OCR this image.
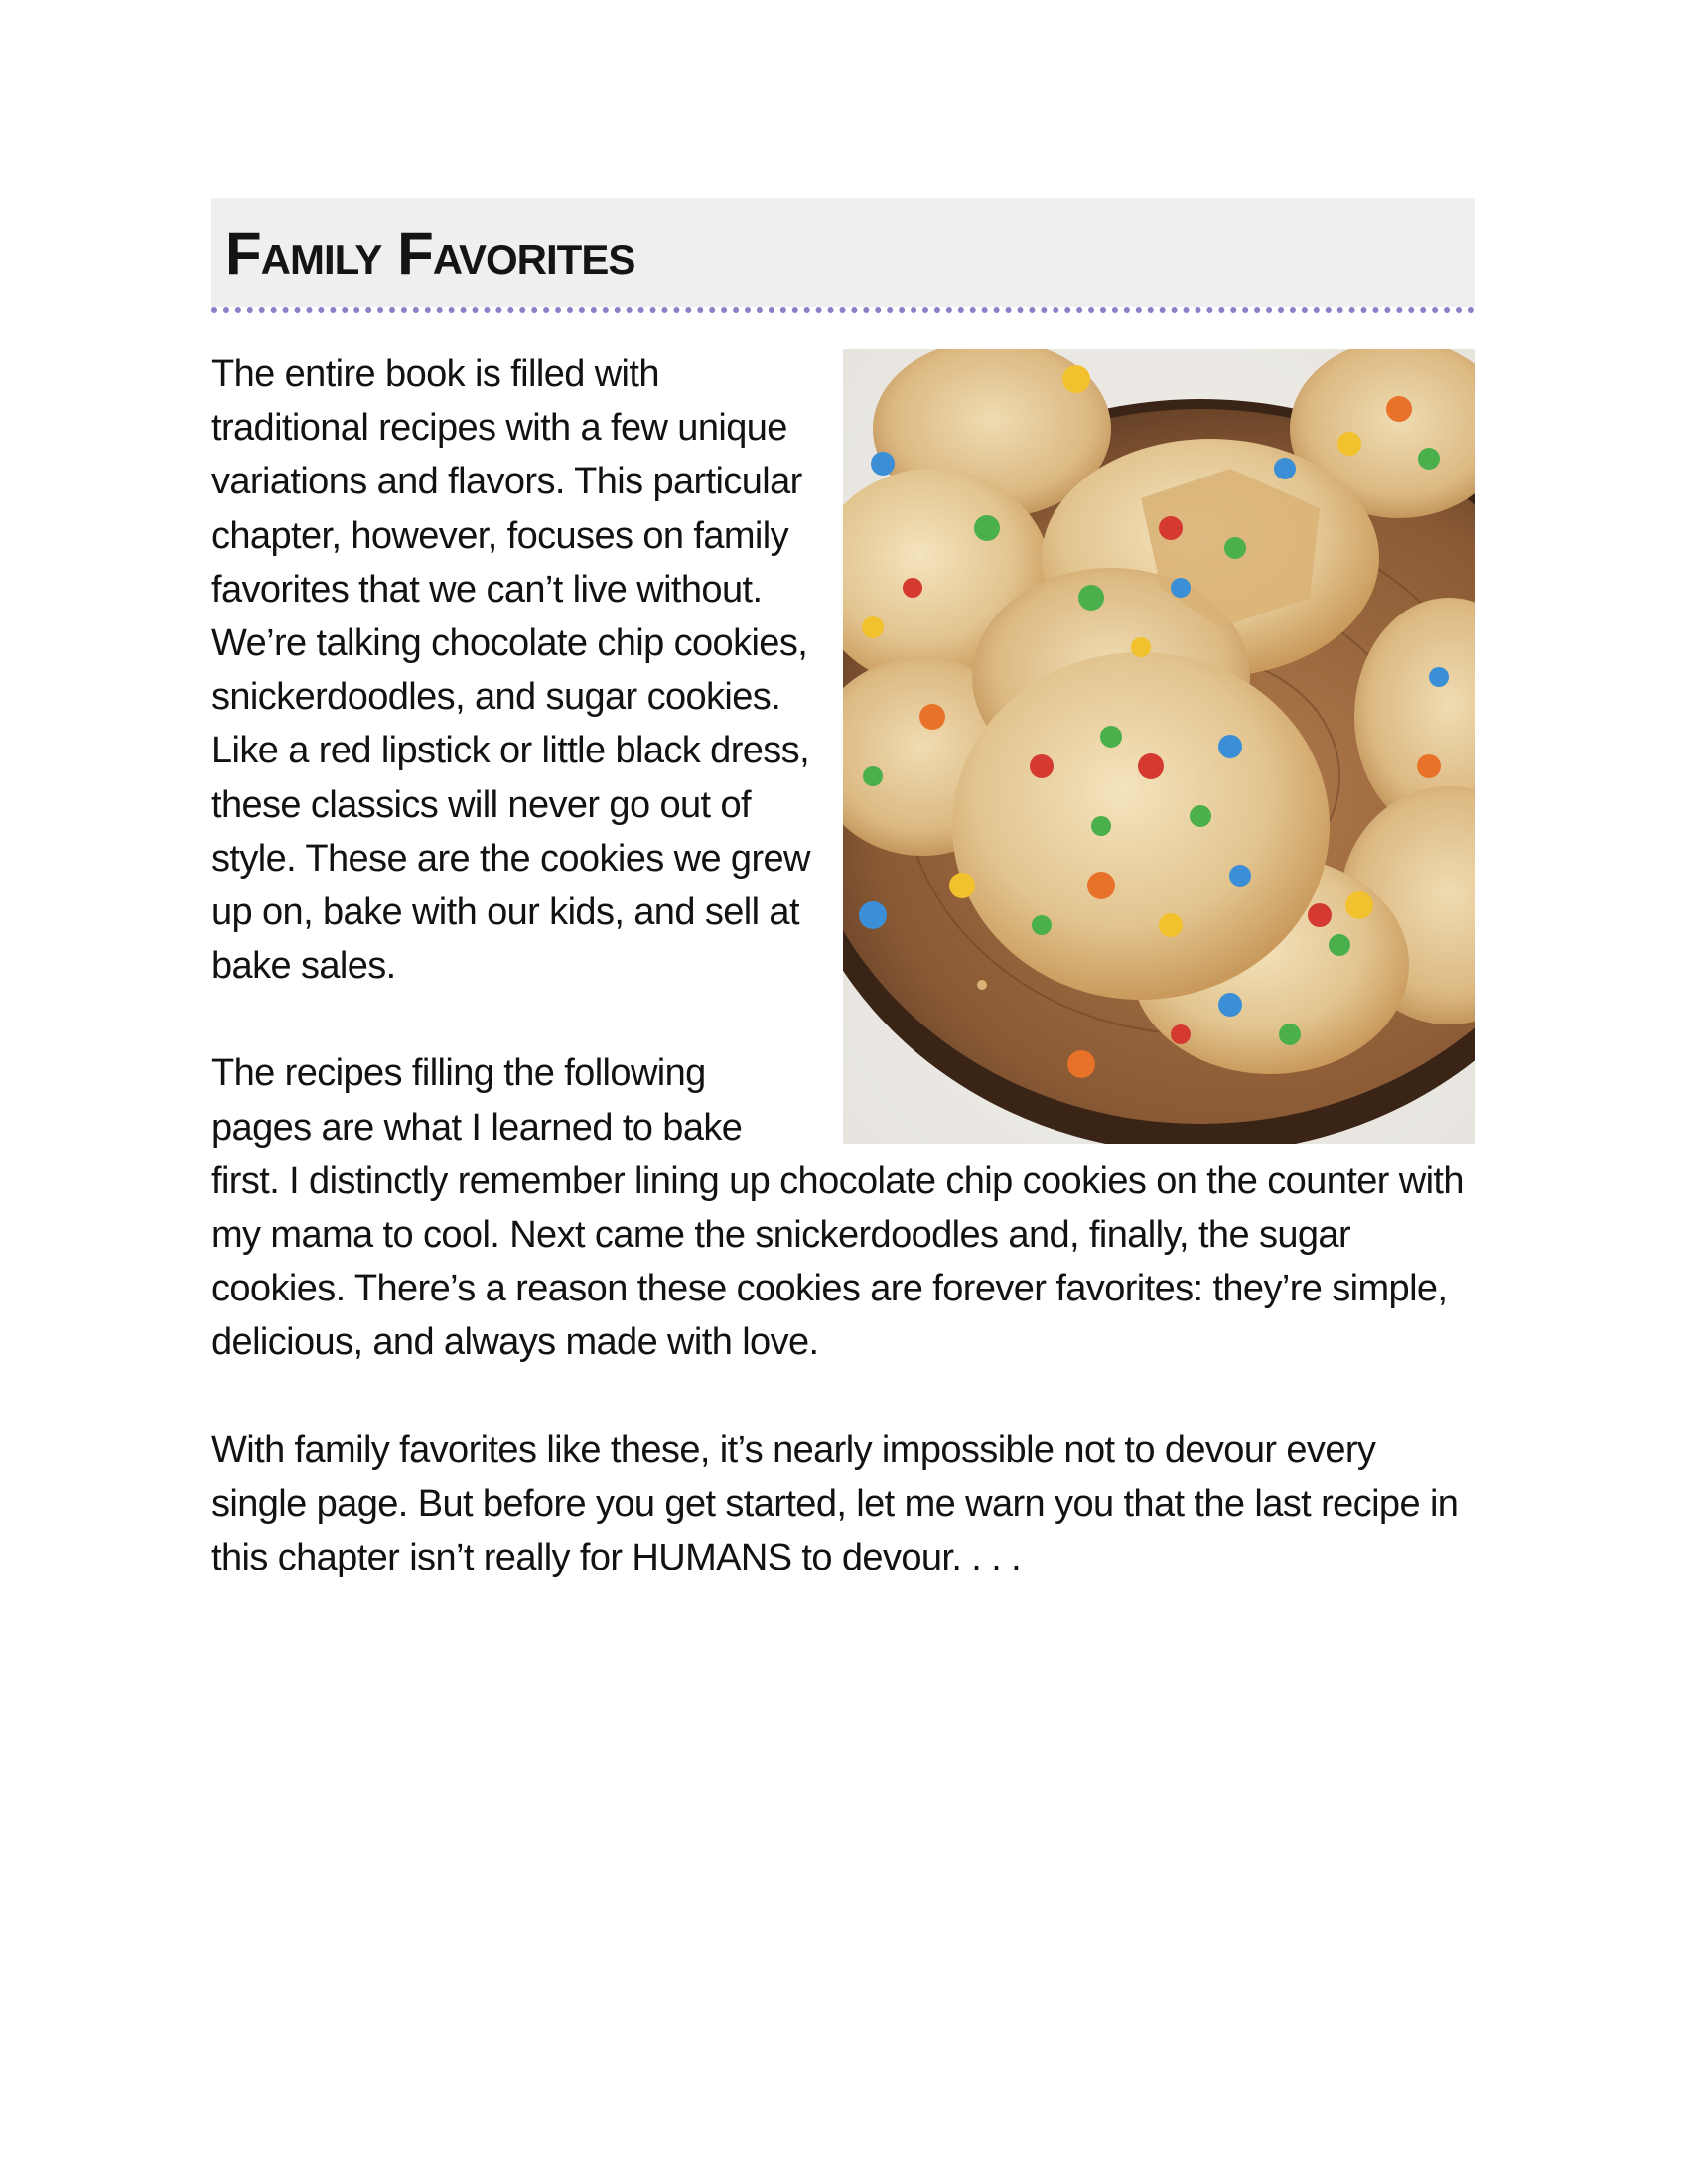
Family Favorites

The entire book is filled with traditional recipes with a few unique variations and flavors. This particular chapter, however, focuses on family favorites that we can’t live without. We’re talking chocolate chip cookies, snickerdoodles, and sugar cookies. Like a red lipstick or little black dress, these classics will never go out of style. These are the cookies we grew up on, bake with our kids, and sell at bake sales.

The recipes filling the following pages are what I learned to bake first. I distinctly remember lining up chocolate chip cookies on the counter with my mama to cool. Next came the snickerdoodles and, finally, the sugar cookies. There’s a reason these cookies are forever favorites: they’re simple, delicious, and always made with love.

With family favorites like these, it’s nearly impossible not to devour every single page. But before you get started, let me warn you that the last recipe in this chapter isn’t really for HUMANS to devour. . . .
